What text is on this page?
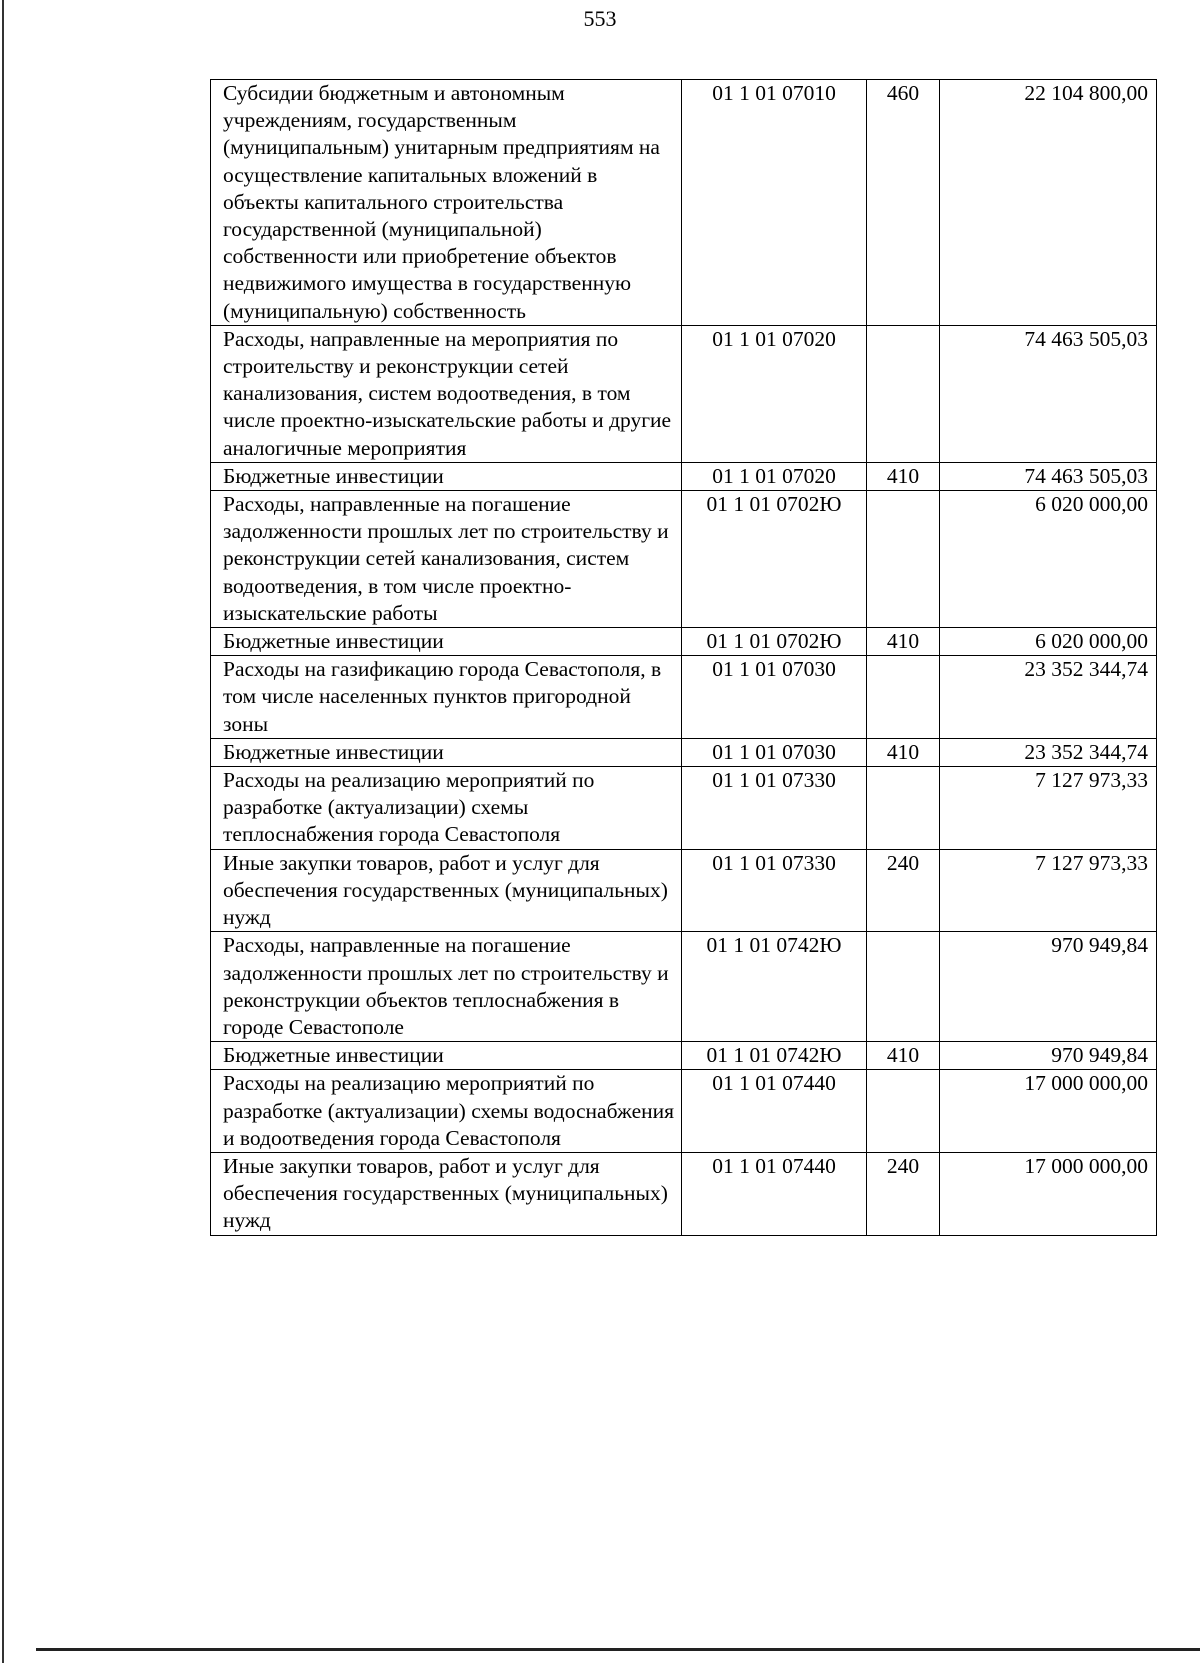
553
Субсидии бюджетным и автономным учреждениям, государственным (муниципальным) унитарным предприятиям на осуществление капитальных вложений в объекты капитального строительства государственной (муниципальной) собственности или приобретение объектов недвижимого имущества в государственную (муниципальную) собственность	01 1 01 07010	460	22 104 800,00
Расходы, направленные на мероприятия по строительству и реконструкции сетей канализования, систем водоотведения, в том числе проектно-изыскательские работы и другие аналогичные мероприятия	01 1 01 07020		74 463 505,03
Бюджетные инвестиции	01 1 01 07020	410	74 463 505,03
Расходы, направленные на погашение задолженности прошлых лет по строительству и реконструкции сетей канализования, систем водоотведения, в том числе проектно-изыскательские работы	01 1 01 0702Ю		6 020 000,00
Бюджетные инвестиции	01 1 01 0702Ю	410	6 020 000,00
Расходы на газификацию города Севастополя, в том числе населенных пунктов пригородной зоны	01 1 01 07030		23 352 344,74
Бюджетные инвестиции	01 1 01 07030	410	23 352 344,74
Расходы на реализацию мероприятий по разработке (актуализации) схемы теплоснабжения города Севастополя	01 1 01 07330		7 127 973,33
Иные закупки товаров, работ и услуг для обеспечения государственных (муниципальных) нужд	01 1 01 07330	240	7 127 973,33
Расходы, направленные на погашение задолженности прошлых лет по строительству и реконструкции объектов теплоснабжения в городе Севастополе	01 1 01 0742Ю		970 949,84
Бюджетные инвестиции	01 1 01 0742Ю	410	970 949,84
Расходы на реализацию мероприятий по разработке (актуализации) схемы водоснабжения и водоотведения города Севастополя	01 1 01 07440		17 000 000,00
Иные закупки товаров, работ и услуг для обеспечения государственных (муниципальных) нужд	01 1 01 07440	240	17 000 000,00
